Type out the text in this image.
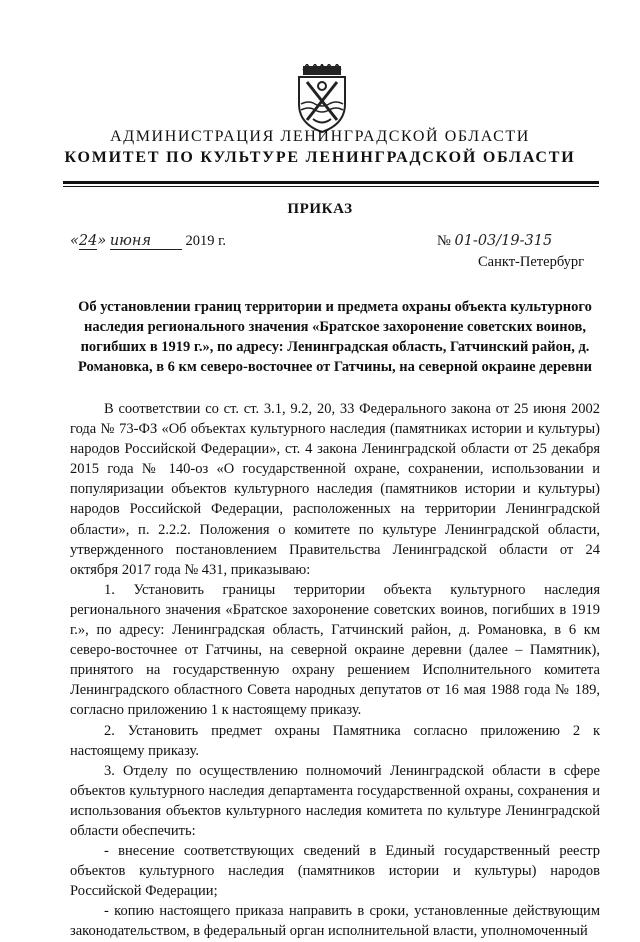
АДМИНИСТРАЦИЯ ЛЕНИНГРАДСКОЙ ОБЛАСТИ
КОМИТЕТ ПО КУЛЬТУРЕ ЛЕНИНГРАДСКОЙ ОБЛАСТИ
ПРИКАЗ
«24» июня 2019 г.	№ 01-03/19-315
Санкт-Петербург
Об установлении границ территории и предмета охраны объекта культурного наследия регионального значения «Братское захоронение советских воинов, погибших в 1919 г.», по адресу: Ленинградская область, Гатчинский район, д. Романовка, в 6 км северо-восточнее от Гатчины, на северной окраине деревни

В соответствии со ст. ст. 3.1, 9.2, 20, 33 Федерального закона от 25 июня 2002 года № 73-ФЗ «Об объектах культурного наследия (памятниках истории и культуры) народов Российской Федерации», ст. 4 закона Ленинградской области от 25 декабря 2015 года № 140-оз «О государственной охране, сохранении, использовании и популяризации объектов культурного наследия (памятников истории и культуры) народов Российской Федерации, расположенных на территории Ленинградской области», п. 2.2.2. Положения о комитете по культуре Ленинградской области, утвержденного постановлением Правительства Ленинградской области от 24 октября 2017 года № 431, приказываю:

1. Установить границы территории объекта культурного наследия регионального значения «Братское захоронение советских воинов, погибших в 1919 г.», по адресу: Ленинградская область, Гатчинский район, д. Романовка, в 6 км северо-восточнее от Гатчины, на северной окраине деревни (далее – Памятник), принятого на государственную охрану решением Исполнительного комитета Ленинградского областного Совета народных депутатов от 16 мая 1988 года № 189, согласно приложению 1 к настоящему приказу.

2. Установить предмет охраны Памятника согласно приложению 2 к настоящему приказу.

3. Отделу по осуществлению полномочий Ленинградской области в сфере объектов культурного наследия департамента государственной охраны, сохранения и использования объектов культурного наследия комитета по культуре Ленинградской области обеспечить:

- внесение соответствующих сведений в Единый государственный реестр объектов культурного наследия (памятников истории и культуры) народов Российской Федерации;

- копию настоящего приказа направить в сроки, установленные действующим законодательством, в федеральный орган исполнительной власти, уполномоченный
